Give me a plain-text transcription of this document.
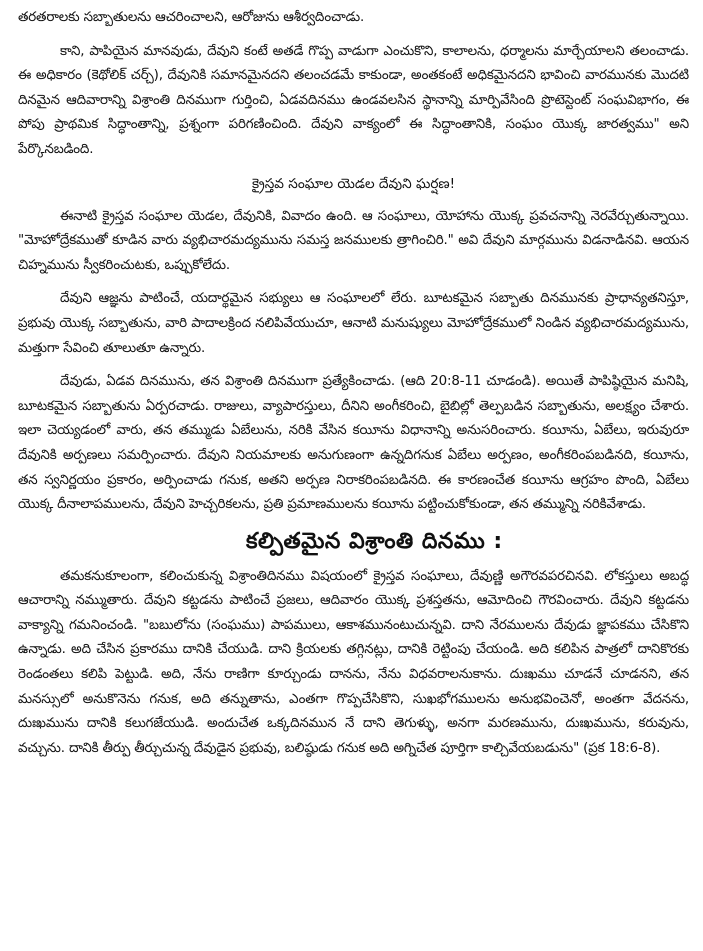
తరతరాలకు సబ్బాతులను ఆచరించాలని, ఆరోజును ఆశీర్వదించాడు.

కాని, పాపియైన మానవుడు, దేవుని కంటే అతడే గొప్ప వాడుగా ఎంచుకొని, కాలాలను, ధర్మాలను మార్చేయాలని తలంచాడు. ఈ అధికారం (కెథోలిక్ చర్చ్), దేవునికి సమానమైనదని తలంచడమే కాకుండా, అంతకంటే అధికమైనదని భావించి వారమునకు మొదటి దినమైన ఆదివారాన్ని విశ్రాంతి దినముగా గుర్తించి, ఏడవదినము ఉండవలసిన స్థానాన్ని మార్పివేసింది ప్రొటెస్టెంట్ సంఘవిభాగం, ఈ పోపు ప్రాథమిక సిద్ధాంతాన్ని, ప్రశ్నంగా పరిగణించింది. దేవుని వాక్యంలో ఈ సిద్ధాంతానికి, సంఘం యొక్క జారత్వము" అని పేర్కొనబడింది.

క్రైస్తవ సంఘాల యెడల దేవుని ఘర్షణ!

ఈనాటి క్రైస్తవ సంఘాల యెడల, దేవునికి, వివాదం ఉంది. ఆ సంఘాలు, యోహాను యొక్క ప్రవచనాన్ని నెరవేర్చుతున్నాయి. "మోహోద్రేకముతో కూడిన వారు వ్యభిచారమద్యమును సమస్త జనములకు త్రాగించిరి." అవి దేవుని మార్గమును విడనాడినవి. ఆయన చిహ్నమును స్వీకరించుటకు, ఒప్పుకోలేదు.

దేవుని ఆజ్ఞను పాటించే, యదార్థమైన సభ్యులు ఆ సంఘాలలో లేరు. బూటకమైన సబ్బాతు దినమునకు ప్రాధాన్యతనిస్తూ, ప్రభువు యొక్క సబ్బాతును, వారి పాదాలక్రింద నలిపివేయుచూ, ఆనాటి మనుష్యులు మోహోద్రేకములో నిండిన వ్యభిచారమద్యమును, మత్తుగా సేవించి తూలుతూ ఉన్నారు.

దేవుడు, ఏడవ దినమును, తన విశ్రాంతి దినముగా ప్రత్యేకించాడు. (ఆది 20:8-11 చూడండి). అయితే పాపిష్ఠియైన మనిషి, బూటకమైన సబ్బాతును ఏర్పరచాడు. రాజులు, వ్యాపారస్తులు, దీనిని అంగీకరించి, బైబిల్లో తెల్పబడిన సబ్బాతును, అలక్ష్యం చేశారు. ఇలా చెయ్యడంలో వారు, తన తమ్ముడు ఏబేలును, నరికి వేసిన కయీను విధానాన్ని అనుసరించారు. కయీను, ఏబేలు, ఇరువురూ దేవునికి అర్పణలు సమర్పించారు. దేవుని నియమాలకు అనుగుణంగా ఉన్నదిగనుక ఏబేలు అర్పణం, అంగీకరింపబడినది, కయీను, తన స్వనిర్ణయం ప్రకారం, అర్పించాడు గనుక, అతని అర్పణ నిరాకరింపబడినది. ఈ కారణంచేత కయీను ఆగ్రహం పొంది, ఏబేలు యొక్క దీనాలాపములను, దేవుని హెచ్చరికలను, ప్రతి ప్రమాణములను కయీను పట్టించుకోకుండా, తన తమ్మున్ని నరికివేశాడు.

కల్పితమైన విశ్రాంతి దినము :

తమకనుకూలంగా, కలించుకున్న విశ్రాంతిదినము విషయంలో క్రైస్తవ సంఘాలు, దేవుణ్ణి అగౌరవపరచినవి. లోకస్తులు అబద్ధ ఆచారాన్ని నమ్ముతారు. దేవుని కట్టడను పాటించే ప్రజలు, ఆదివారం యొక్క ప్రశస్తతను, ఆమోదించి గౌరవించారు. దేవుని కట్టడను వాక్యాన్ని గమనించండి. "బబులోను (సంఘము) పాపములు, ఆకాశమునంటుచున్నవి. దాని నేరములను దేవుడు జ్ఞాపకము చేసికొని ఉన్నాడు. అది చేసిన ప్రకారము దానికి చేయుడి. దాని క్రియలకు తగ్గినట్లు, దానికి రెట్టింపు చేయండి. అది కలిపిన పాత్రలో దానికొరకు రెండంతలు కలిపి పెట్టుడి. అది, నేను రాణిగా కూర్చుండు దానను, నేను విధవరాలనుకాను. దుఃఖము చూడనే చూడనని, తన మనస్సులో అనుకొనెను గనుక, అది తన్నుతాను, ఎంతగా గొప్పచేసికొని, సుఖభోగములను అనుభవించెనో, అంతగా వేదనను, దుఃఖమును దానికి కలుగజేయుడి. అందుచేత ఒక్కదినమున నే దాని తెగుళ్ళు, అనగా మరణమును, దుఃఖమును, కరువును, వచ్చును. దానికి తీర్పు తీర్చుచున్న దేవుడైన ప్రభువు, బలిష్ఠుడు గనుక అది అగ్నిచేత పూర్తిగా కాల్చివేయబడును" (ప్రక 18:6-8).
